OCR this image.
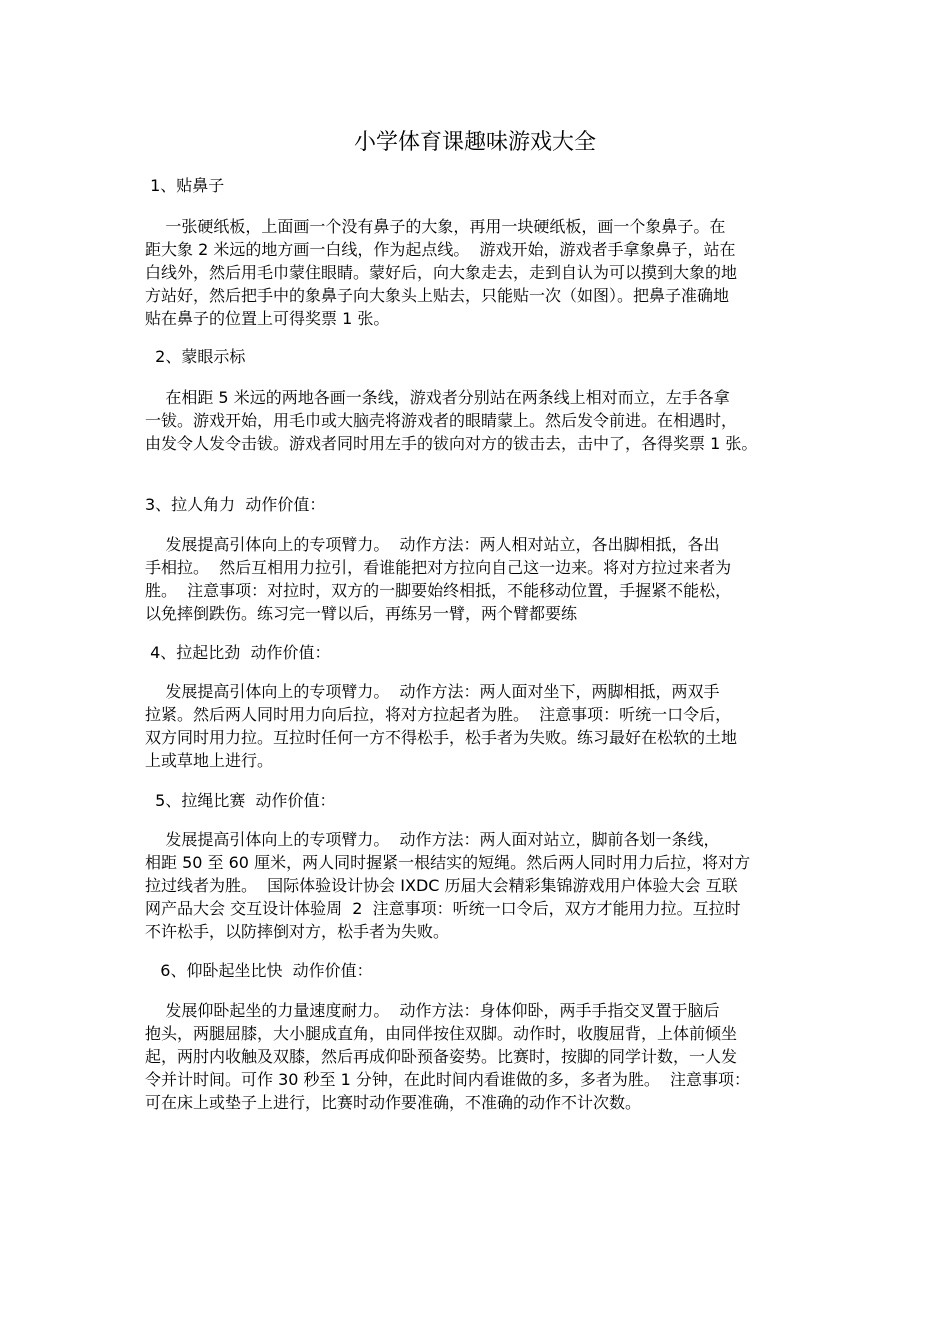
小学体育课趣味游戏大全
1、贴鼻子
一张硬纸板，上面画一个没有鼻子的大象，再用一块硬纸板，画一个象鼻子。在
距大象 2 米远的地方画一白线，作为起点线。  游戏开始，游戏者手拿象鼻子，站在
白线外，然后用毛巾蒙住眼睛。蒙好后，向大象走去，走到自认为可以摸到大象的地
方站好，然后把手中的象鼻子向大象头上贴去，只能贴一次（如图）。把鼻子准确地
贴在鼻子的位置上可得奖票 1 张。
2、蒙眼示标
在相距 5 米远的两地各画一条线，游戏者分别站在两条线上相对而立，左手各拿
一钹。游戏开始，用毛巾或大脑壳将游戏者的眼睛蒙上。然后发令前进。在相遇时，
由发令人发令击钹。游戏者同时用左手的钹向对方的钹击去，击中了，各得奖票 1 张。
3、拉人角力  动作价值：
发展提高引体向上的专项臂力。  动作方法：两人相对站立，各出脚相抵，各出
手相拉。  然后互相用力拉引，看谁能把对方拉向自己这一边来。将对方拉过来者为
胜。  注意事项：对拉时，双方的一脚要始终相抵，不能移动位置，手握紧不能松，
以免摔倒跌伤。练习完一臂以后，再练另一臂，两个臂都要练
4、拉起比劲  动作价值：
发展提高引体向上的专项臂力。  动作方法：两人面对坐下，两脚相抵，两双手
拉紧。然后两人同时用力向后拉，将对方拉起者为胜。  注意事项：听统一口令后，
双方同时用力拉。互拉时任何一方不得松手，松手者为失败。练习最好在松软的土地
上或草地上进行。
5、拉绳比赛  动作价值：
发展提高引体向上的专项臂力。  动作方法：两人面对站立，脚前各划一条线，
相距 50 至 60 厘米，两人同时握紧一根结实的短绳。然后两人同时用力后拉，将对方
拉过线者为胜。  国际体验设计协会 IXDC 历届大会精彩集锦游戏用户体验大会 互联
网产品大会 交互设计体验周  2  注意事项：听统一口令后，双方才能用力拉。互拉时
不许松手，以防摔倒对方，松手者为失败。
6、仰卧起坐比快  动作价值：
发展仰卧起坐的力量速度耐力。  动作方法：身体仰卧，两手手指交叉置于脑后
抱头，两腿屈膝，大小腿成直角，由同伴按住双脚。动作时，收腹屈背，上体前倾坐
起，两肘内收触及双膝，然后再成仰卧预备姿势。比赛时，按脚的同学计数，一人发
令并计时间。可作 30 秒至 1 分钟，在此时间内看谁做的多，多者为胜。  注意事项：
可在床上或垫子上进行，比赛时动作要准确，不准确的动作不计次数。
